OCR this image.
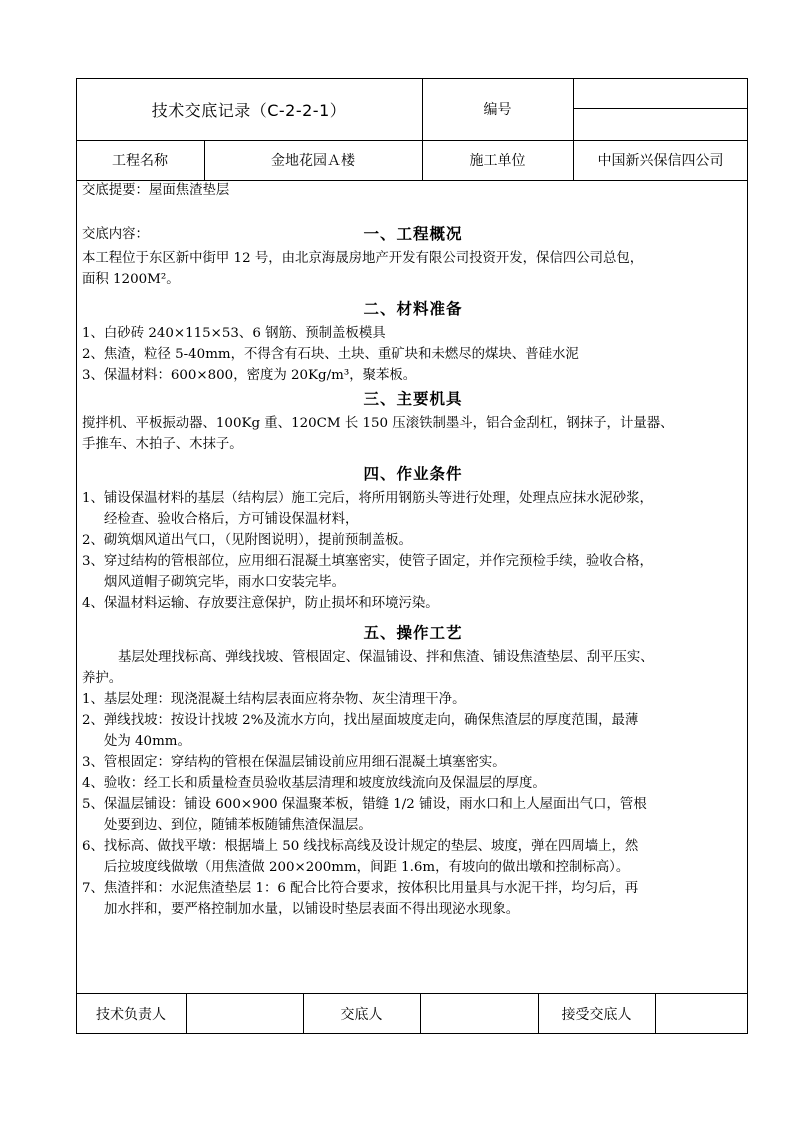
技术交底记录（C-2-2-1）	编号
工程名称	金地花园Ａ楼	施工单位	中国新兴保信四公司
交底提要：屋面焦渣垫层
交底内容：	一、工程概况
本工程位于东区新中街甲 12 号，由北京海晟房地产开发有限公司投资开发，保信四公司总包，
面积 1200M²。
二、材料准备
1、白砂砖 240×115×53、6 钢筋、预制盖板模具
2、焦渣，粒径 5-40mm，不得含有石块、土块、重矿块和未燃尽的煤块、普硅水泥
3、保温材料：600×800，密度为 20Kg/m³，聚苯板。
三、主要机具
搅拌机、平板振动器、100Kg 重、120CM 长 150 压滚铁制墨斗，铝合金刮杠，钢抹子，计量器、
手推车、木拍子、木抹子。
四、作业条件
1、铺设保温材料的基层（结构层）施工完后，将所用钢筋头等进行处理，处理点应抹水泥砂浆，
经检查、验收合格后，方可铺设保温材料，
2、砌筑烟风道出气口，（见附图说明），提前预制盖板。
3、穿过结构的管根部位，应用细石混凝土填塞密实，使管子固定，并作完预检手续，验收合格，
烟风道帽子砌筑完毕，雨水口安装完毕。
4、保温材料运输、存放要注意保护，防止损坏和环境污染。
五、操作工艺
基层处理找标高、弹线找坡、管根固定、保温铺设、拌和焦渣、铺设焦渣垫层、刮平压实、
养护。
1、基层处理：现浇混凝土结构层表面应将杂物、灰尘清理干净。
2、弹线找坡：按设计找坡 2%及流水方向，找出屋面坡度走向，确保焦渣层的厚度范围，最薄
处为 40mm。
3、管根固定：穿结构的管根在保温层铺设前应用细石混凝土填塞密实。
4、验收：经工长和质量检查员验收基层清理和坡度放线流向及保温层的厚度。
5、保温层铺设：铺设 600×900 保温聚苯板，错缝 1/2 铺设，雨水口和上人屋面出气口，管根
处要到边、到位，随铺苯板随铺焦渣保温层。
6、找标高、做找平墩：根据墙上 50 线找标高线及设计规定的垫层、坡度，弹在四周墙上，然
后拉坡度线做墩（用焦渣做 200×200mm，间距 1.6m，有坡向的做出墩和控制标高）。
7、焦渣拌和：水泥焦渣垫层 1：6 配合比符合要求，按体积比用量具与水泥干拌，均匀后，再
加水拌和，要严格控制加水量，以铺设时垫层表面不得出现泌水现象。
技术负责人	交底人	接受交底人
